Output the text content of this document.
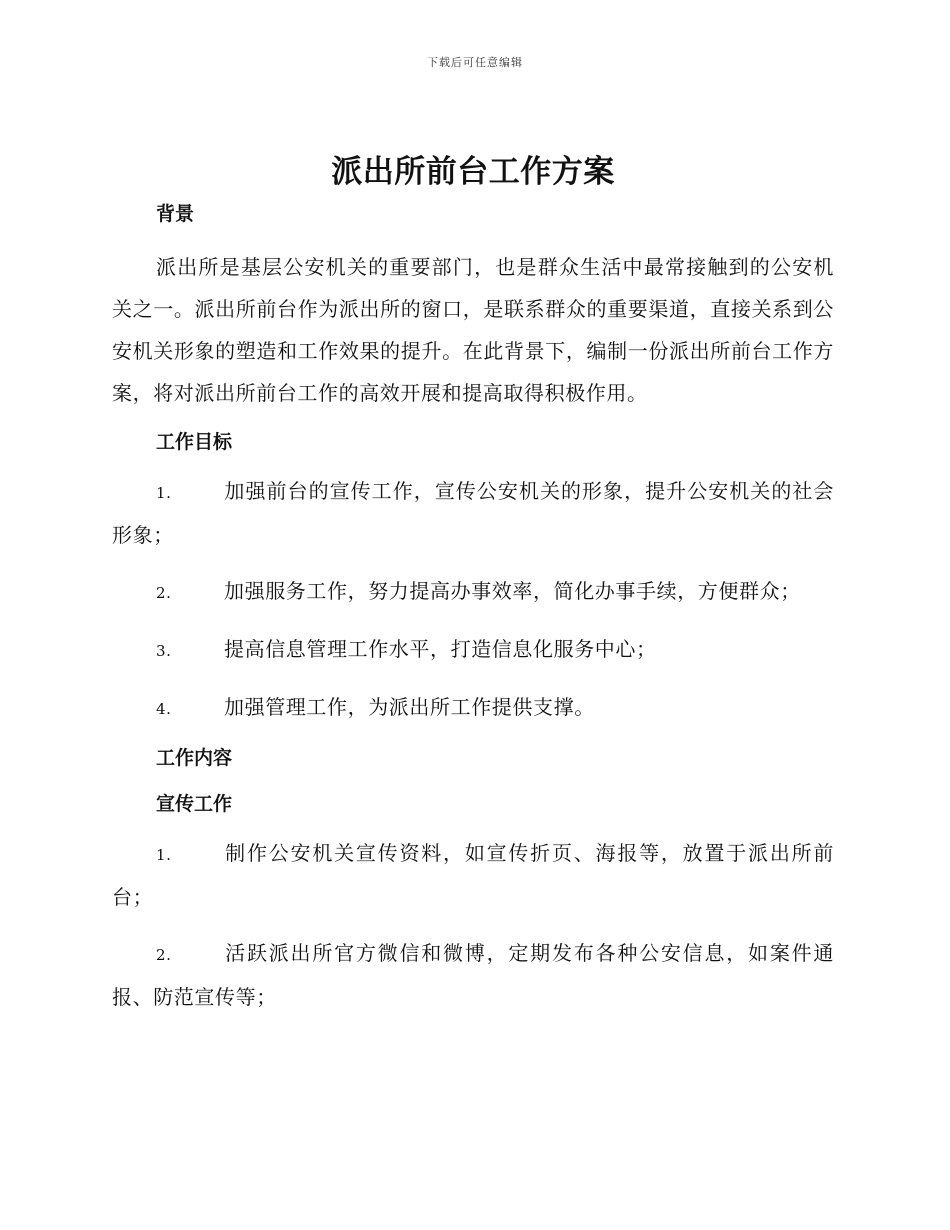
下载后可任意编辑
派出所前台工作方案
背景

派出所是基层公安机关的重要部门，也是群众生活中最常接触到的公安机关之一。派出所前台作为派出所的窗口，是联系群众的重要渠道，直接关系到公安机关形象的塑造和工作效果的提升。在此背景下，编制一份派出所前台工作方案，将对派出所前台工作的高效开展和提高取得积极作用。

工作目标

1.	加强前台的宣传工作，宣传公安机关的形象，提升公安机关的社会形象；

2.	加强服务工作，努力提高办事效率，简化办事手续，方便群众；

3.	提高信息管理工作水平，打造信息化服务中心；

4.	加强管理工作，为派出所工作提供支撑。

工作内容
宣传工作

1.	制作公安机关宣传资料，如宣传折页、海报等，放置于派出所前台；

2.	活跃派出所官方微信和微博，定期发布各种公安信息，如案件通报、防范宣传等；
